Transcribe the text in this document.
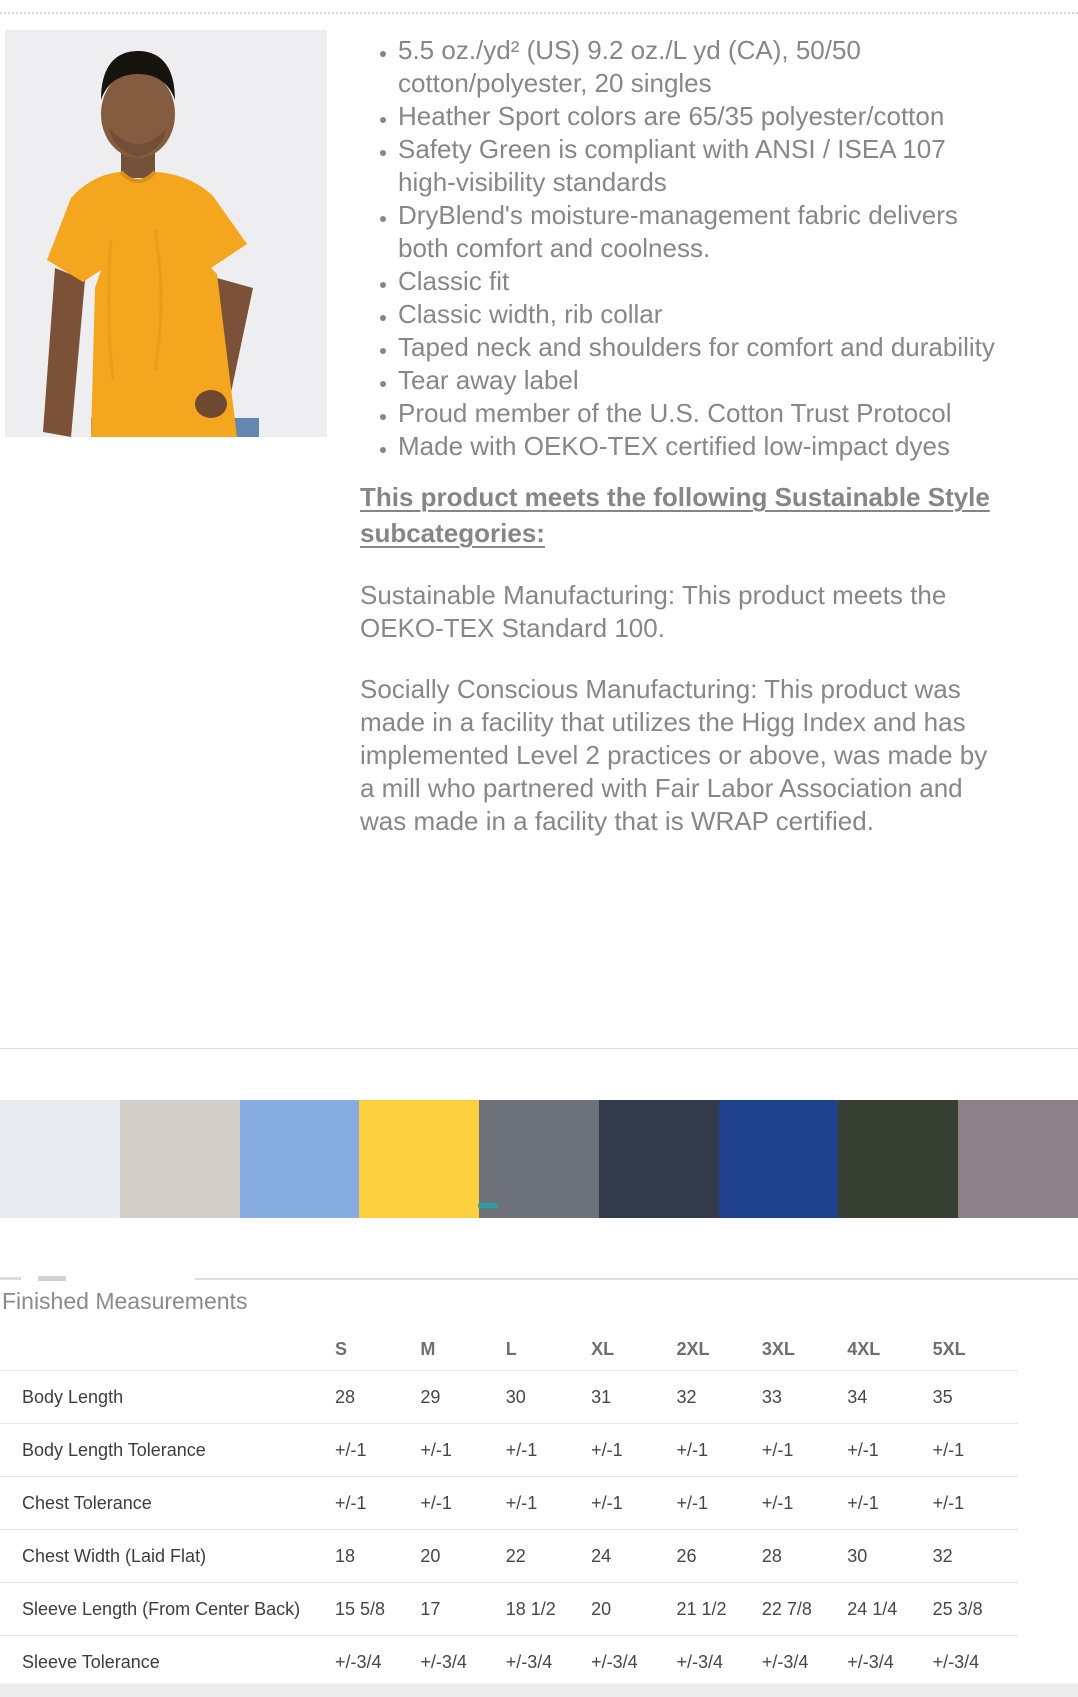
• 5.5 oz./yd² (US) 9.2 oz./L yd (CA), 50/50 cotton/polyester, 20 singles
• Heather Sport colors are 65/35 polyester/cotton
• Safety Green is compliant with ANSI / ISEA 107 high-visibility standards
• DryBlend's moisture-management fabric delivers both comfort and coolness.
• Classic fit
• Classic width, rib collar
• Taped neck and shoulders for comfort and durability
• Tear away label
• Proud member of the U.S. Cotton Trust Protocol
• Made with OEKO-TEX certified low-impact dyes
This product meets the following Sustainable Style subcategories:

Sustainable Manufacturing: This product meets the OEKO-TEX Standard 100.

Socially Conscious Manufacturing: This product was made in a facility that utilizes the Higg Index and has implemented Level 2 practices or above, was made by a mill who partnered with Fair Labor Association and was made in a facility that is WRAP certified.

Finished Measurements
	S	M	L	XL	2XL	3XL	4XL	5XL
Body Length	28	29	30	31	32	33	34	35
Body Length Tolerance	+/-1	+/-1	+/-1	+/-1	+/-1	+/-1	+/-1	+/-1
Chest Tolerance	+/-1	+/-1	+/-1	+/-1	+/-1	+/-1	+/-1	+/-1
Chest Width (Laid Flat)	18	20	22	24	26	28	30	32
Sleeve Length (From Center Back)	15 5/8	17	18 1/2	20	21 1/2	22 7/8	24 1/4	25 3/8
Sleeve Tolerance	+/-3/4	+/-3/4	+/-3/4	+/-3/4	+/-3/4	+/-3/4	+/-3/4	+/-3/4
